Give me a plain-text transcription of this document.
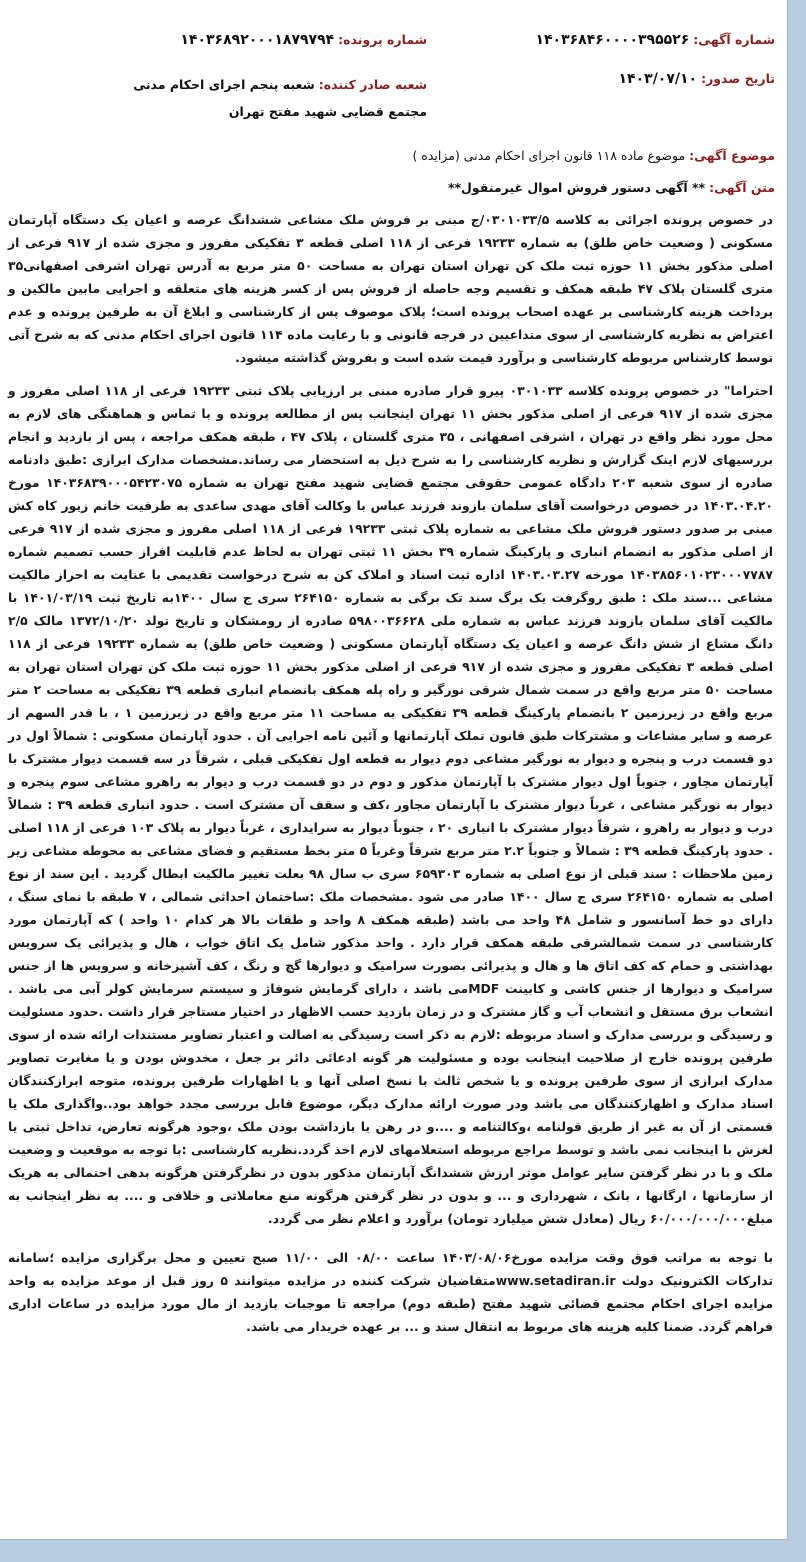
شماره آگهی: ۱۴۰۳۶۸۴۶۰۰۰۰۳۹۵۵۲۶
شماره پرونده: ۱۴۰۳۶۸۹۲۰۰۰۱۸۷۹۷۹۴
تاریخ صدور: ۱۴۰۳/۰۷/۱۰
شعبه صادر کننده:
شعبه پنجم اجرای احکام مدنی مجتمع قضایی شهید مفتح تهران
موضوع آگهی: موضوع ماده ۱۱۸ قانون اجرای احکام مدنی (مزایده )
متن آگهی: ** آگهی دستور فروش اموال غیرمنقول**

در خصوص پرونده اجرائی به کلاسه ۰۳۰۱۰۳۳/۵/ج مبنی بر فروش ملک مشاعی ششدانگ عرصه و اعیان یک دستگاه آپارتمان مسکونی ( وضعیت خاص طلق) به شماره ۱۹۲۳۳ فرعی از ۱۱۸ اصلی قطعه ۳ تفکیکی مفروز و مجزی شده از ۹۱۷ فرعی از اصلی مذکور بخش ۱۱ حوزه ثبت ملک کن تهران استان تهران به مساحت ۵۰ متر مربع به آدرس تهران اشرفی اصفهانی۳۵ متری گلستان پلاک ۴۷ طبقه همکف و تقسیم وجه حاصله از فروش پس از کسر هزینه های متعلقه و اجرایی مابین مالکین و پرداخت هزینه کارشناسی بر عهده اصحاب پرونده است؛ پلاک موصوف پس از کارشناسی و ابلاغ آن به طرفین پرونده و عدم اعتراض به نظریه کارشناسی از سوی متداعیین در فرجه قانونی و با رعایت ماده ۱۱۴ قانون اجرای احکام مدنی که به شرح آتی توسط کارشناس مربوطه کارشناسی و برآورد قیمت شده است و بفروش گذاشته میشود.

احتراما" در خصوص پرونده کلاسه ۰۳۰۱۰۳۳ پیرو قرار صادره مبنی بر ارزیابی پلاک ثبتی ۱۹۲۳۳ فرعی از ۱۱۸ اصلی مفروز و مجزی شده از ۹۱۷ فرعی از اصلی مذکور بخش ۱۱ تهران اینجانب پس از مطالعه پرونده و با تماس و هماهنگی های لازم به محل مورد نظر واقع در تهران ، اشرفی اصفهانی ، ۳۵ متری گلستان ، پلاک ۴۷ ، طبقه همکف مراجعه ، پس از بازدید و انجام بررسیهای لازم اینک گزارش و نظریه کارشناسی را به شرح ذیل به استحضار می رساند.مشخصات مدارک ابرازی :طبق دادنامه صادره از سوی شعبه ۲۰۳ دادگاه عمومی حقوقی مجتمع قضایی شهید مفتح تهران به شماره ۱۴۰۳۶۸۳۹۰۰۰۵۴۲۳۰۷۵ مورخ ۱۴۰۳.۰۴.۲۰ در خصوص درخواست آقای سلمان بازوند فرزند عباس با وکالت آقای مهدی ساعدی به طرفیت خانم زیور کاه کش مبنی بر صدور دستور فروش ملک مشاعی به شماره پلاک ثبتی ۱۹۲۳۳ فرعی از ۱۱۸ اصلی مفروز و مجزی شده از ۹۱۷ فرعی از اصلی مذکور به انضمام انباری و پارکینگ شماره ۳۹ بخش ۱۱ ثبتی تهران به لحاظ عدم قابلیت افراز حسب تصمیم شماره ۱۴۰۳۸۵۶۰۱۰۲۳۰۰۰۷۷۸۷ مورخه ۱۴۰۳.۰۳.۲۷ اداره ثبت اسناد و املاک کن به شرح درخواست تقدیمی با عنایت به احراز مالکیت مشاعی ...سند ملک : طبق روگرفت یک برگ سند تک برگی به شماره ۲۶۴۱۵۰ سری ج سال ۱۴۰۰به تاریخ ثبت ۱۴۰۱/۰۳/۱۹ با مالکیت آقای سلمان بازوند فرزند عباس به شماره ملی ۵۹۸۰۰۳۶۶۲۸ صادره از رومشکان و تاریخ تولد ۱۳۷۲/۱۰/۲۰ مالک ۲/۵ دانگ مشاع از شش دانگ عرصه و اعیان یک دستگاه آپارتمان مسکونی ( وضعیت خاص طلق) به شماره ۱۹۲۳۳ فرعی از ۱۱۸ اصلی قطعه ۳ تفکیکی مفروز و مجزی شده از ۹۱۷ فرعی از اصلی مذکور بخش ۱۱ حوزه ثبت ملک کن تهران استان تهران به مساحت ۵۰ متر مربع واقع در سمت شمال شرقی نورگیر و راه پله همکف بانضمام انباری قطعه ۳۹ تفکیکی به مساحت ۲ متر مربع واقع در زیرزمین ۲ بانضمام پارکینگ قطعه ۳۹ تفکیکی به مساحت ۱۱ متر مربع واقع در زیرزمین ۱ ، با قدر السهم از عرصه و سایر مشاعات و مشترکات طبق قانون تملک آپارتمانها و آئین نامه اجرایی آن . حدود آپارتمان مسکونی : شمالاً اول در دو قسمت درب و پنجره و دیوار به نورگیر مشاعی دوم دیوار به قطعه اول تفکیکی قبلی ، شرقاً در سه قسمت دیوار مشترک با آپارتمان مجاور ، جنوباً اول دیوار مشترک با آپارتمان مذکور و دوم در دو قسمت درب و دیوار به راهرو مشاعی سوم پنجره و دیوار به نورگیر مشاعی ، غرباً دیوار مشترک با آپارتمان مجاور ،کف و سقف آن مشترک است . حدود انباری قطعه ۳۹ : شمالاً درب و دیوار به راهرو ، شرقاً دیوار مشترک با انباری ۲۰ ، جنوباً دیوار به سرایداری ، غرباً دیوار به پلاک ۱۰۳ فرعی از ۱۱۸ اصلی . حدود پارکینگ قطعه ۳۹ : شمالاً و جنوباً ۲.۲ متر مربع شرقاً وغرباً ۵ متر بخط مستقیم و فضای مشاعی به محوطه مشاعی زیر زمین ملاحظات : سند قبلی از نوع اصلی به شماره ۶۵۹۳۰۳ سری ب سال ۹۸ بعلت تغییر مالکیت ابطال گردید . این سند از نوع اصلی به شماره ۲۶۴۱۵۰ سری ج سال ۱۴۰۰ صادر می شود .مشخصات ملک :ساختمان احداثی شمالی ، ۷ طبقه با نمای سنگ ، دارای دو خط آسانسور و شامل ۴۸ واحد می باشد (طبقه همکف ۸ واحد و طقات بالا هر کدام ۱۰ واحد ) که آپارتمان مورد کارشناسی در سمت شمالشرقی طبقه همکف قرار دارد . واحد مذکور شامل یک اتاق خواب ، هال و پذیرائی یک سرویس بهداشتی و حمام که کف اتاق ها و هال و پذیرائی بصورت سرامیک و دیوارها گچ و رنگ ، کف آشپزخانه و سرویس ها از جنس سرامیک و دیوارها از جنس کاشی و کابینت MDFمی باشد ، دارای گرمایش شوفاژ و سیستم سرمایش کولر آبی می باشد . انشعاب برق مستقل و انشعاب آب و گاز مشترک و در زمان بازدید حسب الاظهار در اختیار مستاجر قرار داشت .حدود مسئولیت و رسیدگی و بررسی مدارک و اسناد مربوطه :لازم به ذکر است رسیدگی به اصالت و اعتبار تصاویر مستندات ارائه شده از سوی طرفین پرونده خارج از صلاحیت اینجانب بوده و مسئولیت هر گونه ادعائی دائر بر جعل ، مخدوش بودن و یا مغایرت تصاویر مدارک ابرازی از سوی طرفین پرونده و یا شخص ثالث با نسخ اصلی آنها و یا اظهارات طرفین پرونده، متوجه ابرازکنندگان اسناد مدارک و اظهارکنندگان می باشد ودر صورت ارائه مدارک دیگر، موضوع قابل بررسی مجدد خواهد بود..واگذاری ملک یا قسمتی از آن به غیر از طریق قولنامه ،وکالتنامه و ....و در رهن یا بازداشت بودن ملک ،وجود هرگونه تعارض، تداخل ثبتی یا لغزش با اینجانب نمی باشد و توسط مراجع مربوطه استعلامهای لازم اخذ گردد.نظریه کارشناسی :با توجه به موقعیت و وضعیت ملک و با در نظر گرفتن سایر عوامل موثر ارزش ششدانگ آپارتمان مذکور بدون در نظرگرفتن هرگونه بدهی احتمالی به هریک از سازمانها ، ارگانها ، بانک ، شهرداری و ... و بدون در نظر گرفتن هرگونه منع معاملاتی و خلافی و .... به نظر اینجانب به مبلغ۶۰/۰۰۰/۰۰۰/۰۰۰ ریال (معادل شش میلیارد تومان) برآورد و اعلام نظر می گردد.

با توجه به مراتب فوق وقت مزایده مورخ۱۴۰۳/۰۸/۰۶ ساعت ۰۸/۰۰ الی ۱۱/۰۰ صبح تعیین و محل برگزاری مزایده ؛سامانه تدارکات الکترونیک دولت www.setadiran.irمتقاضیان شرکت کننده در مزایده میتوانند ۵ روز قبل از موعد مزایده به واحد مزایده اجرای احکام مجتمع قضائی شهید مفتح (طبقه دوم) مراجعه تا موجبات بازدید از مال مورد مزایده در ساعات اداری فراهم گردد. ضمنا کلیه هزینه های مربوط به انتقال سند و ... بر عهده خریدار می باشد.
